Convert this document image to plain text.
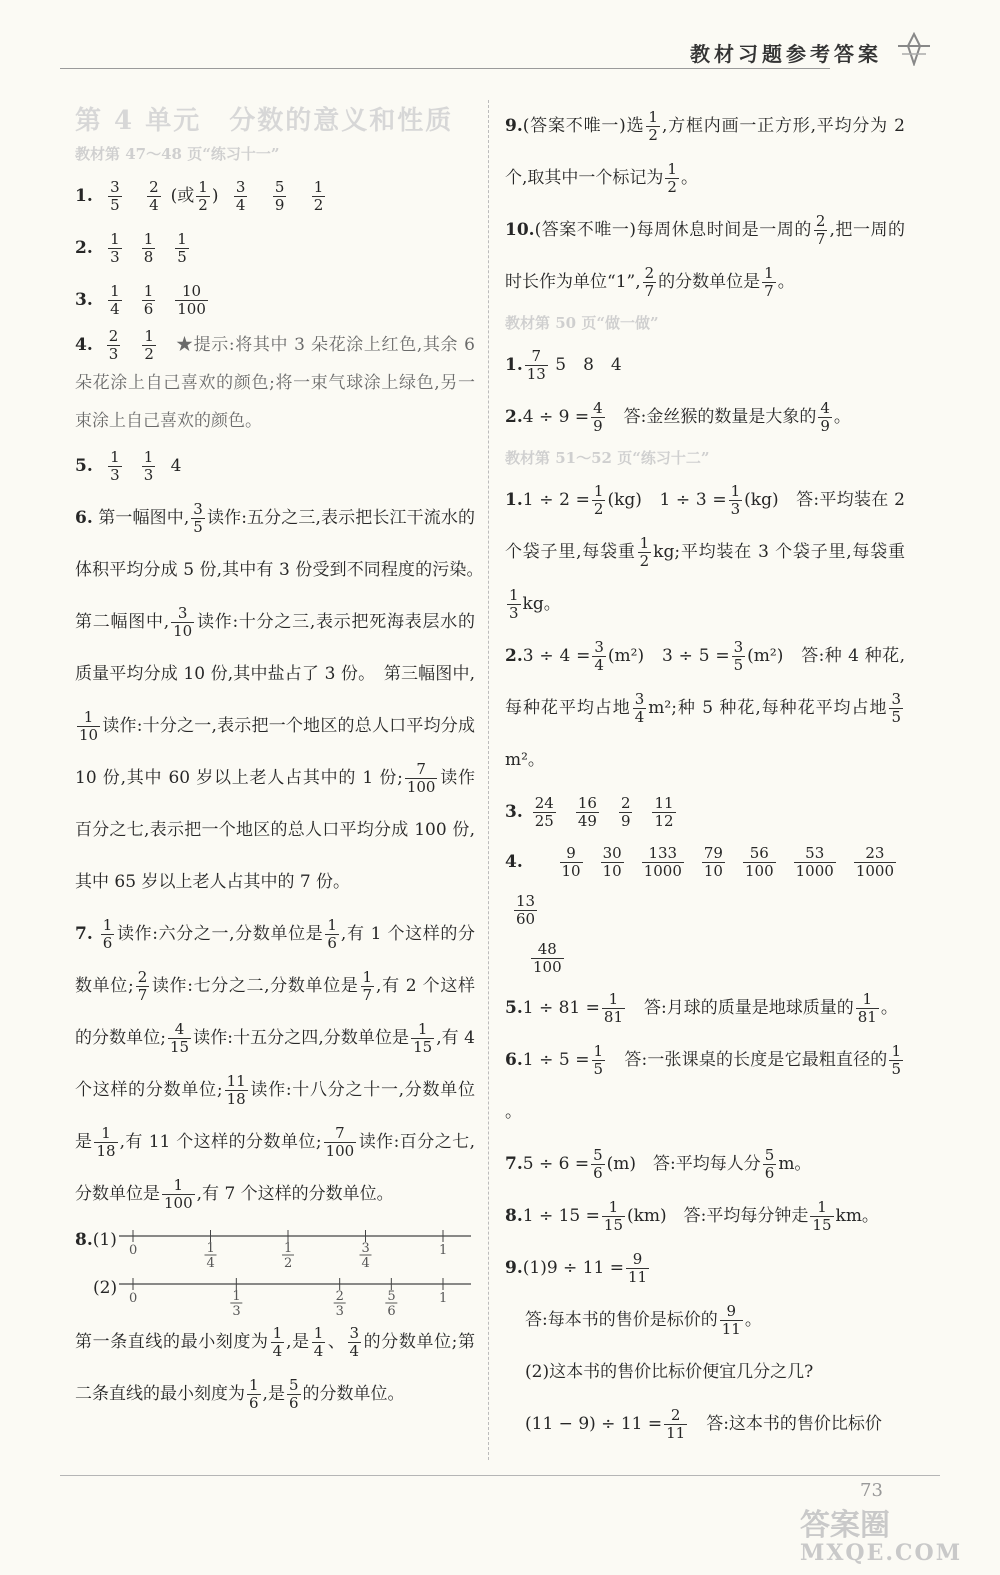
教材习题参考答案
第 4 单元　分数的意义和性质
教材第 47～48 页“练习十一”
1. $\frac{3}{5}$
$\frac{2}{4}$ (或 $\frac{1}{2}$ ) $\frac{3}{4}$
$\frac{5}{9}$
$\frac{1}{2}$
2. $\frac{1}{3} \frac{1}{8} \frac{1}{5}$
3. $\frac{1}{4} \frac{1}{6} \frac{10}{100}$
4. $\frac{2}{3} \frac{1}{2}$ ★提示:将其中 3 朵花涂上红色,其余 6 朵花涂上自己喜欢的颜色;将一束气球涂上绿色,另一束涂上自己喜欢的颜色。
5. $\frac{1}{3} \frac{1}{3} 4$
6. 第一幅图中, $\frac{3}{5}$ 读作:五分之三,表示把长江干流水的体积平均分成 5 份,其中有 3 份受到不同程度的污染。　第二幅图中, $\frac{3}{10}$ 读作:十分之三,表示把死海表层水的质量平均分成 10 份,其中盐占了 3 份。　第三幅图中,
$\frac{1}{10}$ 读作:十分之一,表示把一个地区的总人口平均分成 10 份,其中 60 岁以上老人占其中的 1 份; $\frac{7}{100}$ 读作百分之七,表示把一个地区的总人口平均分成 100 份,其中 65 岁以上老人占其中的 7 份。
7. $\frac{1}{6}$ 读作:六分之一,分数单位是 $\frac{1}{6}$ ,有 1 个这样的分数单位; $\frac{2}{7}$ 读作:七分之二,分数单位是 $\frac{1}{7}$ ,有 2 个这样的分数单位; $\frac{4}{15}$ 读作:十五分之四,分数单位是 $\frac{1}{15}$ ,有 4 个这样的分数单位; $\frac{11}{18}$ 读作:十八分之十一,分数单位是 $\frac{1}{18}$ ,有 11 个这样的分数单位; $\frac{7}{100}$ 读作:百分之七,分数单位是 $\frac{1}{100}$ ,有 7 个这样的分数单位。
8.(1)
0	1
1
4
1
2
3
4
(2)
0	1
1
3
2
3
5
6
第一条直线的最小刻度为 $\frac{1}{4}$ ,是 $\frac{1}{4}$ 、 $\frac{3}{4}$ 的分数单位;第二条直线的最小刻度为 $\frac{1}{6}$ ,是 $\frac{5}{6}$ 的分数单位。
9.(答案不唯一)选 $\frac{1}{2}$ ,方框内画一正方形,平均分为 2 个,取其中一个标记为 $\frac{1}{2}$ 。
10.(答案不唯一)每周休息时间是一周的 $\frac{2}{7}$ ,把一周的时长作为单位“1”, $\frac{2}{7}$ 的分数单位是 $\frac{1}{7}$ 。
教材第 50 页“做一做”
1. $\frac{7}{13} 5$　8　4
$2.4 \div 9 = \frac{4}{9}$ 　答:金丝猴的数量是大象的 $\frac{4}{9}$ 。
教材第 51～52 页“练习十二”
$1.1 \div 2 = \frac{1}{2} (kg)$　$1 \div 3 = \frac{1}{3} (kg)$　答:平均装在 2 个袋子里,每袋重 $\frac{1}{2}$ kg;平均装在 3 个袋子里,每袋重
$\frac{1}{3}$ kg。
$2.3 \div 4 = \frac{3}{4} (m^2)$　$3 \div 5 = \frac{3}{5} (m^2)$　答:种 4 种花,每种花平均占地 $\frac{3}{4} m^2$;种 5 种花,每种花平均占地 $\frac{3}{5}$
m²。
3. $\frac{24}{25} \frac{16}{49} \frac{2}{9} \frac{11}{12}$
4. $\frac{9}{10} \frac{30}{10} \frac{133}{1000} \frac{79}{10} \frac{56}{100} \frac{53}{1000} \frac{23}{1000}$
$\frac{13}{60}$

$\frac{48}{100}$
$5.1 \div 81 = \frac{1}{81}$ 　答:月球的质量是地球质量的 $\frac{1}{81}$ 。
$6.1 \div 5 = \frac{1}{5}$ 　答:一张课桌的长度是它最粗直径的 $\frac{1}{5}$
。
$7.5 \div 6 = \frac{5}{6} (m)$　答:平均每人分 $\frac{5}{6}$ m。
$8.1 \div 15 = \frac{1}{15} (km)$　答:平均每分钟走 $\frac{1}{15}$ km。
$9.(1)9 \div 11 = \frac{9}{11}$

答:每本书的售价是标价的 $\frac{9}{11}$ 。
(2)这本书的售价比标价便宜几分之几?
$(11 - 9) \div 11 = \frac{2}{11}$ 　答:这本书的售价比标价
73
答案圈
MXQE.COM
